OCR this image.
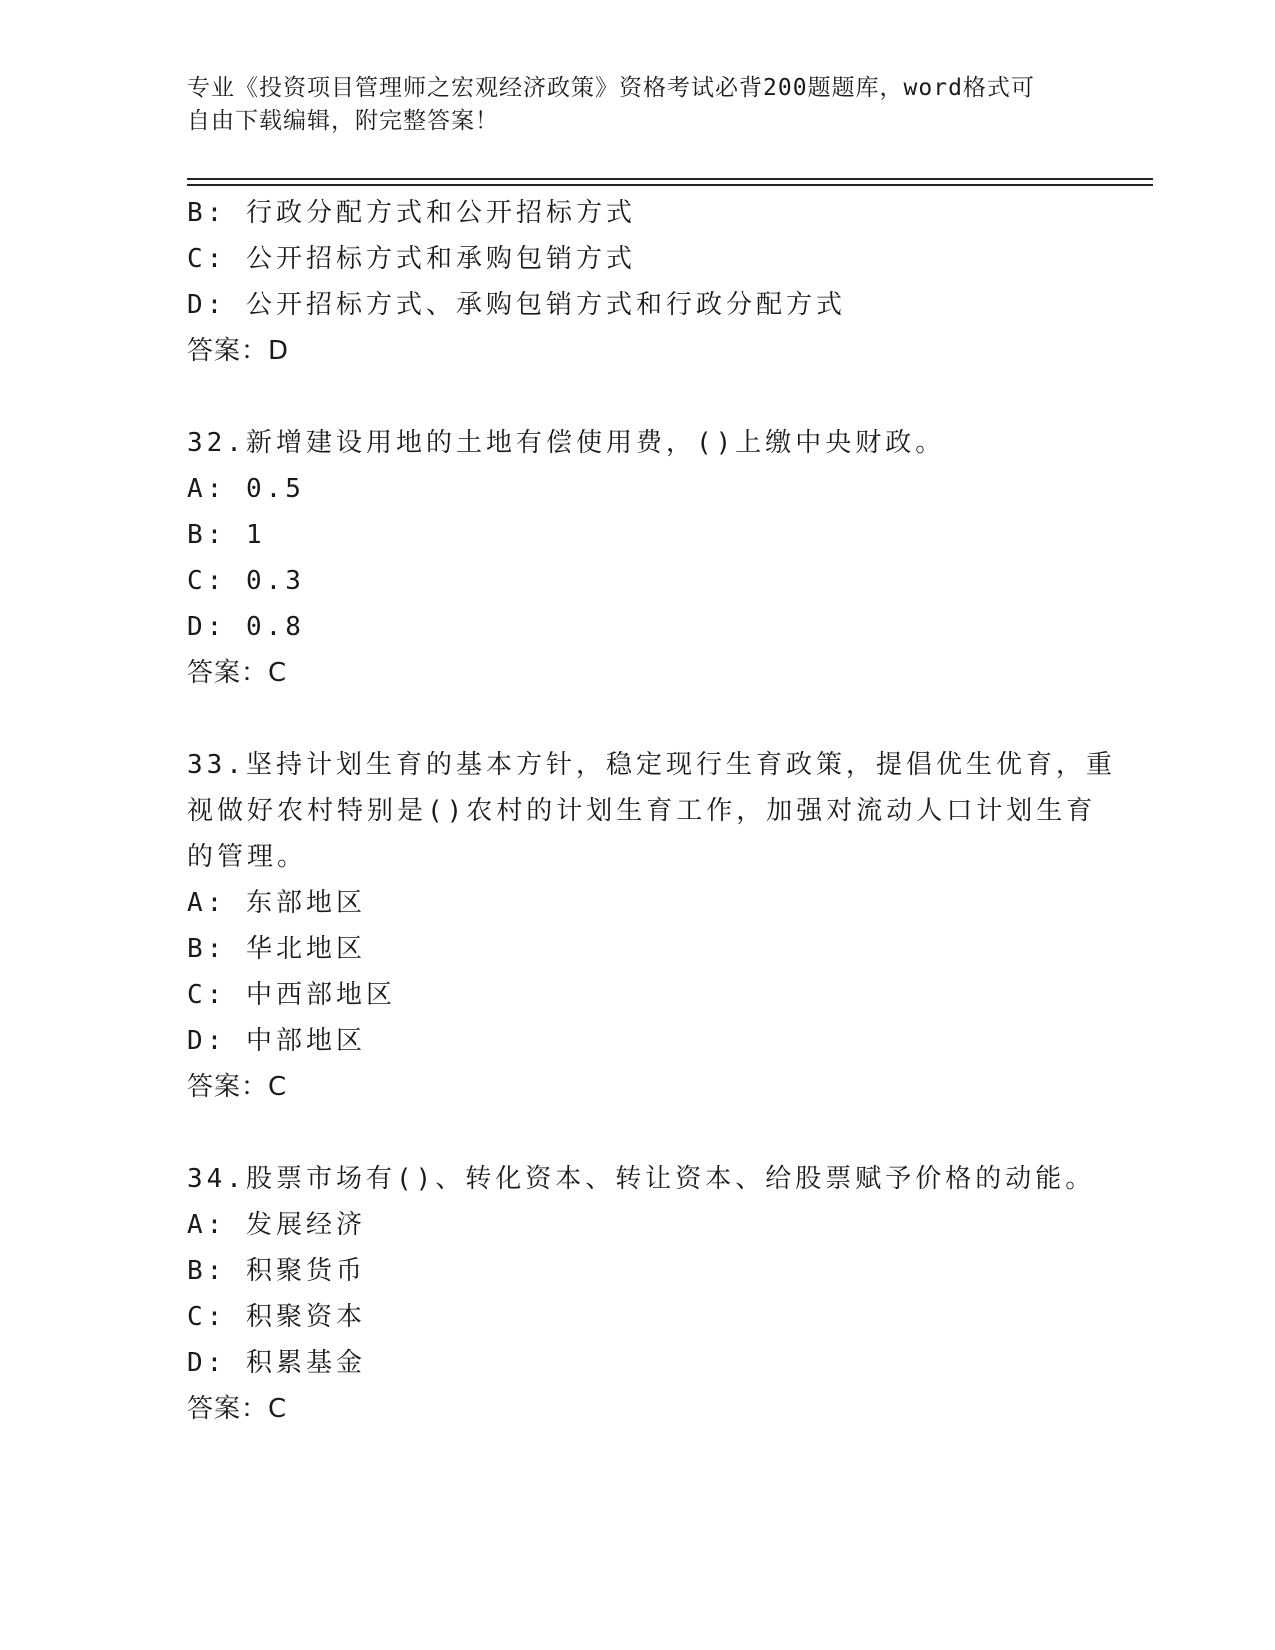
专业《投资项目管理师之宏观经济政策》资格考试必背200题题库，word格式可
自由下载编辑，附完整答案！
B: 行政分配方式和公开招标方式
C: 公开招标方式和承购包销方式
D: 公开招标方式、承购包销方式和行政分配方式
答案：D
32.新增建设用地的土地有偿使用费，()上缴中央财政。
A: 0.5
B: 1
C: 0.3
D: 0.8
答案：C
33.坚持计划生育的基本方针，稳定现行生育政策，提倡优生优育，重
视做好农村特别是()农村的计划生育工作，加强对流动人口计划生育
的管理。
A: 东部地区
B: 华北地区
C: 中西部地区
D: 中部地区
答案：C
34.股票市场有()、转化资本、转让资本、给股票赋予价格的动能。
A: 发展经济
B: 积聚货币
C: 积聚资本
D: 积累基金
答案：C
